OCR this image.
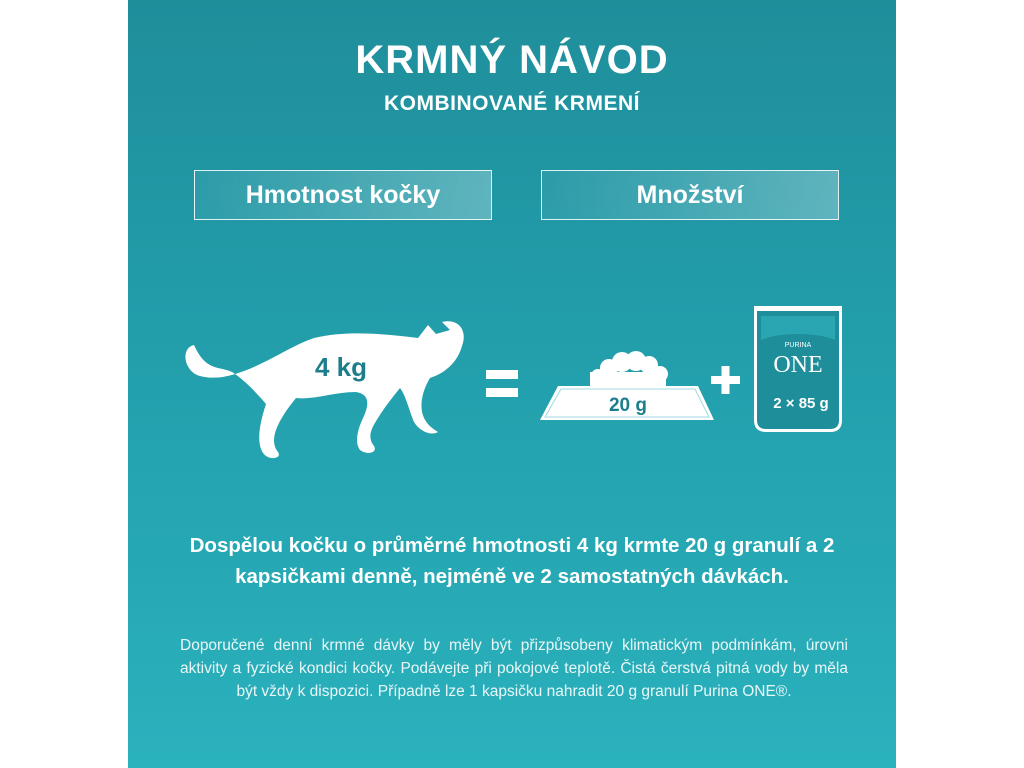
KRMNÝ NÁVOD
KOMBINOVANÉ KRMENÍ
Hmotnost kočky	Množství
PURINA
ONE
4 kg
20 g	2 × 85 g
Dospělou kočku o průměrné hmotnosti 4 kg krmte 20 g granulí a 2 kapsičkami denně, nejméně ve 2 samostatných dávkách.
Doporučené denní krmné dávky by měly být přizpůsobeny klimatickým podmínkám, úrovni aktivity a fyzické kondici kočky. Podávejte při pokojové teplotě. Čistá čerstvá pitná vody by měla být vždy k dispozici. Případně lze 1 kapsičku nahradit 20 g granulí Purina ONE®.
